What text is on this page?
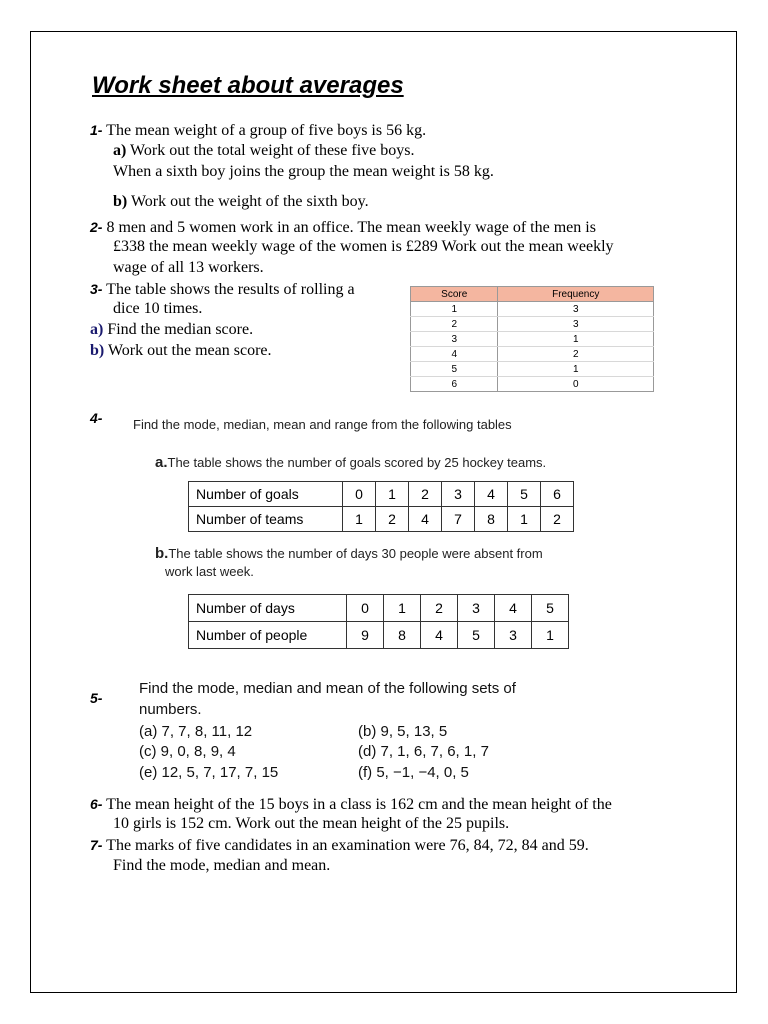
Work sheet about averages
1- The mean weight of a group of five boys is 56 kg.
a) Work out the total weight of these five boys.
When a sixth boy joins the group the mean weight is 58 kg.
b) Work out the weight of the sixth boy.
2- 8 men and 5 women work in an office. The mean weekly wage of the men is
£338 the mean weekly wage of the women is £289 Work out the mean weekly
wage of all 13 workers.
3- The table shows the results of rolling a
dice 10 times.
a) Find the median score.
b) Work out the mean score.
Score	Frequency
1	3
2	3
3	1
4	2
5	1
6	0
4- Find the mode, median, mean and range from the following tables
a.The table shows the number of goals scored by 25 hockey teams.
Number of goals	0	1	2	3	4	5	6
Number of teams	1	2	4	7	8	1	2
b.The table shows the number of days 30 people were absent from
work last week.
Number of days	0	1	2	3	4	5
Number of people	9	8	4	5	3	1
5-
Find the mode, median and mean of the following sets of
numbers.
(a) 7, 7, 8, 11, 12	(b) 9, 5, 13, 5
(c) 9, 0, 8, 9, 4	(d) 7, 1, 6, 7, 6, 1, 7
(e) 12, 5, 7, 17, 7, 15	(f) 5, −1, −4, 0, 5
6- The mean height of the 15 boys in a class is 162 cm and the mean height of the
10 girls is 152 cm. Work out the mean height of the 25 pupils.
7- The marks of five candidates in an examination were 76, 84, 72, 84 and 59.
Find the mode, median and mean.
